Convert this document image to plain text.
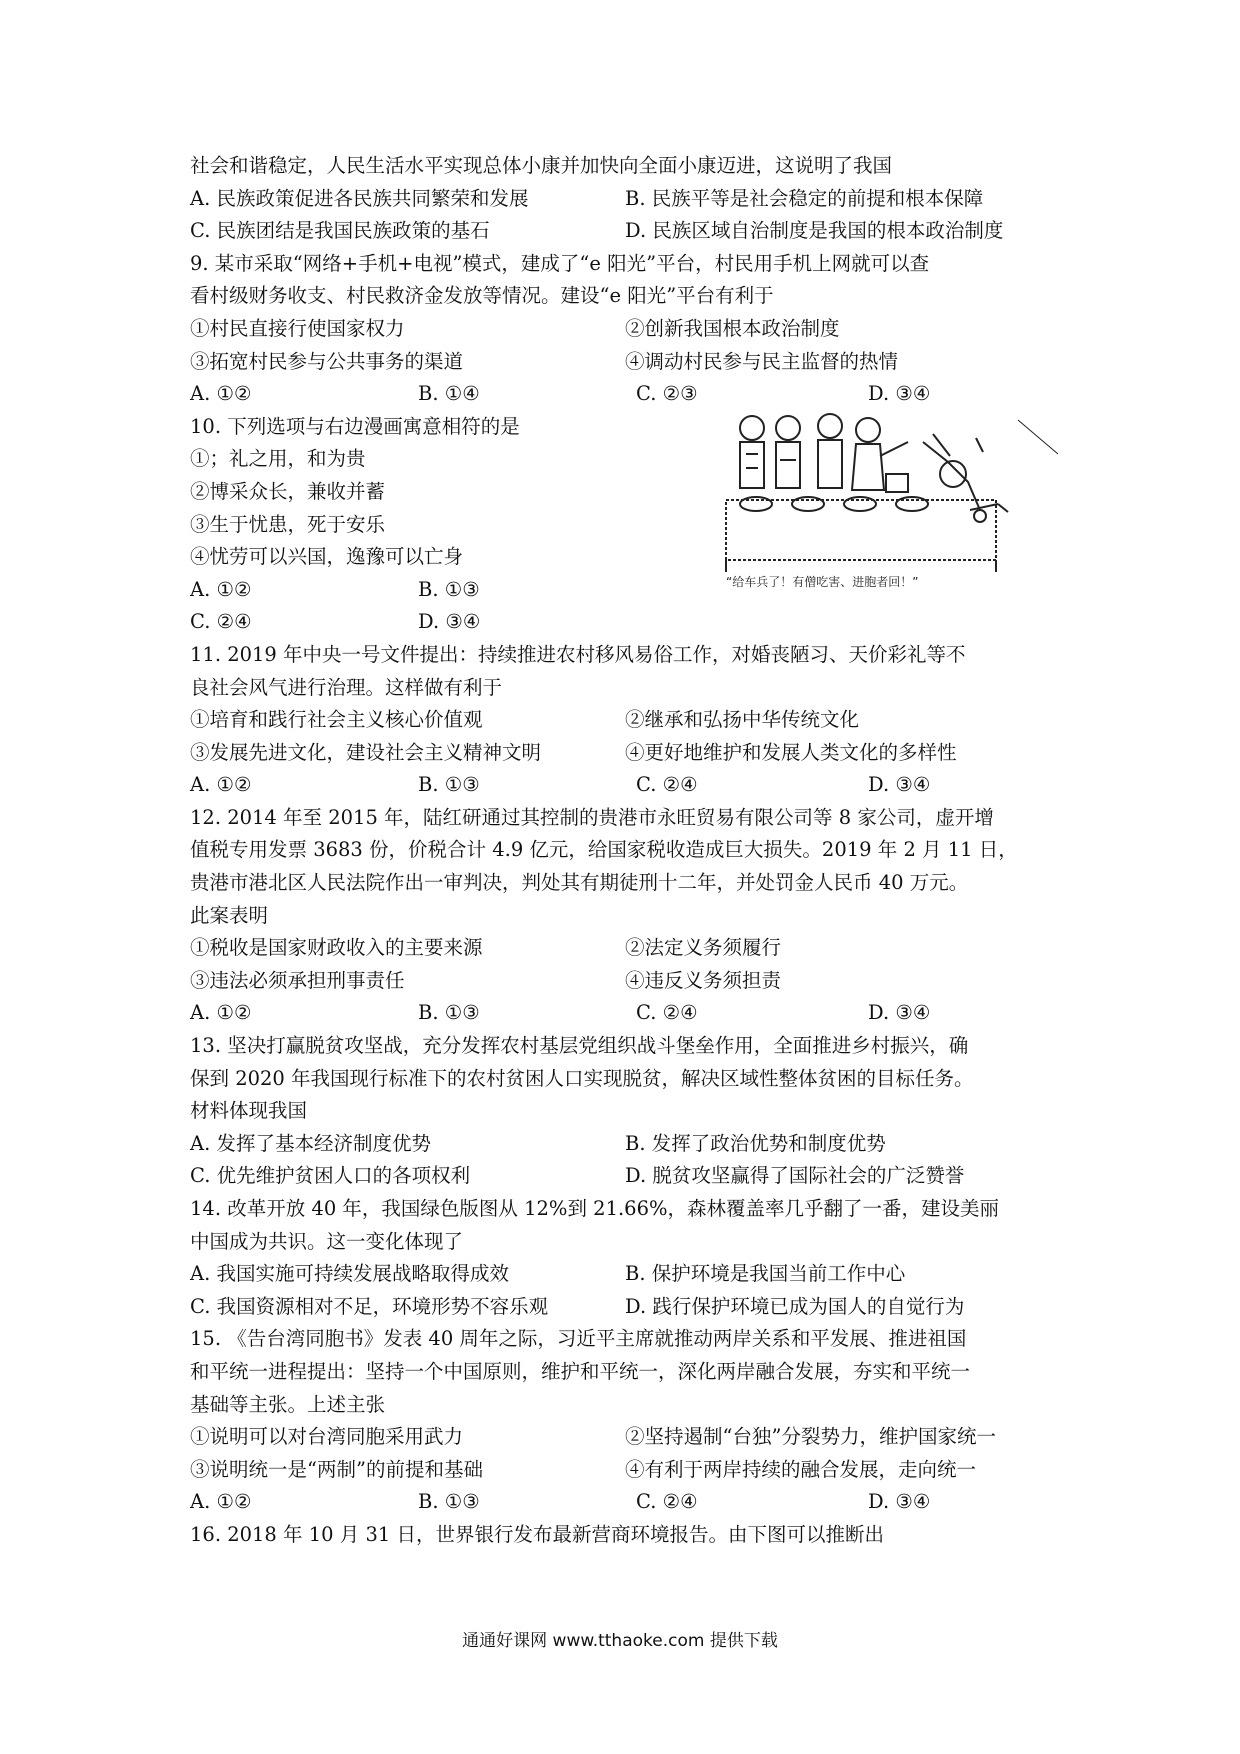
社会和谐稳定，人民生活水平实现总体小康并加快向全面小康迈进，这说明了我国
A. 民族政策促进各民族共同繁荣和发展	B. 民族平等是社会稳定的前提和根本保障
C. 民族团结是我国民族政策的基石	D. 民族区域自治制度是我国的根本政治制度
9. 某市采取“网络+手机+电视”模式，建成了“e 阳光”平台，村民用手机上网就可以查
看村级财务收支、村民救济金发放等情况。建设“e 阳光”平台有利于
①村民直接行使国家权力	②创新我国根本政治制度
③拓宽村民参与公共事务的渠道	④调动村民参与民主监督的热情
A. ①②	B. ①④	C. ②③	D. ③④
10. 下列选项与右边漫画寓意相符的是
①；礼之用，和为贵
②博采众长，兼收并蓄
③生于忧患，死于安乐
④忧劳可以兴国，逸豫可以亡身
A. ①②	B. ①③
C. ②④	D. ③④
11. 2019 年中央一号文件提出：持续推进农村移风易俗工作，对婚丧陋习、天价彩礼等不
良社会风气进行治理。这样做有利于
①培育和践行社会主义核心价值观	②继承和弘扬中华传统文化
③发展先进文化，建设社会主义精神文明	④更好地维护和发展人类文化的多样性
A. ①②	B. ①③	C. ②④	D. ③④
12. 2014 年至 2015 年，陆红研通过其控制的贵港市永旺贸易有限公司等 8 家公司，虚开增
值税专用发票 3683 份，价税合计 4.9 亿元，给国家税收造成巨大损失。2019 年 2 月 11 日，
贵港市港北区人民法院作出一审判决，判处其有期徒刑十二年，并处罚金人民币 40 万元。
此案表明
①税收是国家财政收入的主要来源	②法定义务须履行
③违法必须承担刑事责任	④违反义务须担责
A. ①②	B. ①③	C. ②④	D. ③④
13. 坚决打赢脱贫攻坚战，充分发挥农村基层党组织战斗堡垒作用，全面推进乡村振兴，确
保到 2020 年我国现行标准下的农村贫困人口实现脱贫，解决区域性整体贫困的目标任务。
材料体现我国
A. 发挥了基本经济制度优势	B. 发挥了政治优势和制度优势
C. 优先维护贫困人口的各项权利	D. 脱贫攻坚赢得了国际社会的广泛赞誉
14. 改革开放 40 年，我国绿色版图从 12%到 21.66%，森林覆盖率几乎翻了一番，建设美丽
中国成为共识。这一变化体现了
A. 我国实施可持续发展战略取得成效	B. 保护环境是我国当前工作中心
C. 我国资源相对不足，环境形势不容乐观	D. 践行保护环境已成为国人的自觉行为
15. 《告台湾同胞书》发表 40 周年之际，习近平主席就推动两岸关系和平发展、推进祖国
和平统一进程提出：坚持一个中国原则，维护和平统一，深化两岸融合发展，夯实和平统一
基础等主张。上述主张
①说明可以对台湾同胞采用武力	②坚持遏制“台独”分裂势力，维护国家统一
③说明统一是“两制”的前提和基础	④有利于两岸持续的融合发展，走向统一
A. ①②	B. ①③	C. ②④	D. ③④
16. 2018 年 10 月 31 日，世界银行发布最新营商环境报告。由下图可以推断出
“给车兵了！有僧吃害、进胞者回！”
通通好课网 www.tthaoke.com 提供下载
